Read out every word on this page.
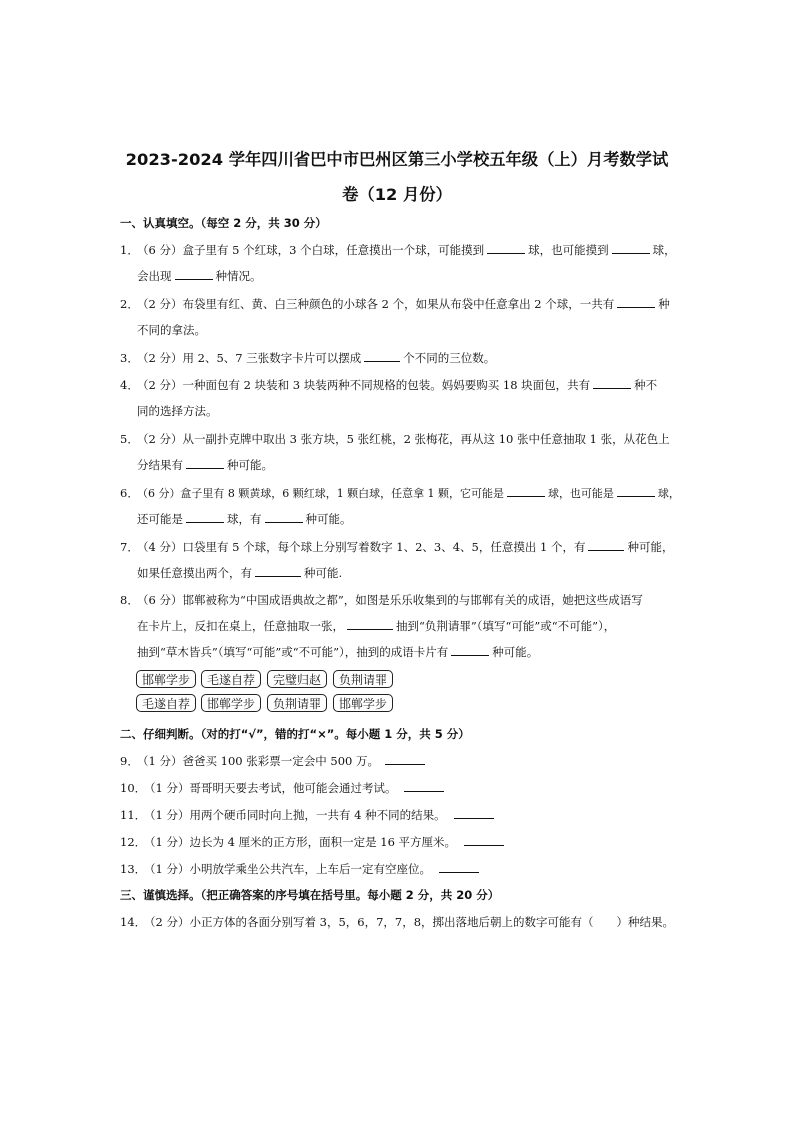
2023-2024 学年四川省巴中市巴州区第三小学校五年级（上）月考数学试
卷（12 月份）
一、认真填空。（每空 2 分，共 30 分）
1．
（6 分）盒子里有 5 个红球，3 个白球，任意摸出一个球，可能摸到	球，也可能摸到	球，
会出现	种情况。
2．
（2 分）布袋里有红、黄、白三种颜色的小球各 2 个，如果从布袋中任意拿出 2 个球，一共有	种
不同的拿法。
3．
（2 分）用 2、5、7 三张数字卡片可以摆成	个不同的三位数。
4．
（2 分）一种面包有 2 块装和 3 块装两种不同规格的包装。妈妈要购买 18 块面包，共有	种不
同的选择方法。
5．
（2 分）从一副扑克牌中取出 3 张方块，5 张红桃，2 张梅花，再从这 10 张中任意抽取 1 张，从花色上
分结果有	种可能。
6．
（6 分）盒子里有 8 颗黄球，6 颗红球，1 颗白球，任意拿 1 颗，它可能是	球，也可能是	球，
还可能是	球，有	种可能。
7．
（4 分）口袋里有 5 个球，每个球上分别写着数字 1、2、3、4、5，任意摸出 1 个，有	种可能，
如果任意摸出两个，有	种可能.
8．
（6 分）邯郸被称为“中国成语典故之都”，如图是乐乐收集到的与邯郸有关的成语，她把这些成语写
在卡片上，反扣在桌上，任意抽取一张，	抽到“负荆请罪”（填写“可能”或“不可能”），
抽到“草木皆兵”（填写“可能”或“不可能”），抽到的成语卡片有	种可能。
邯郸学步	毛遂自荐	完璧归赵	负荆请罪
毛遂自荐	邯郸学步	负荆请罪	邯郸学步
二、仔细判断。（对的打“√”，错的打“×”。每小题 1 分，共 5 分）
9．
（1 分）爸爸买 100 张彩票一定会中 500 万。
10．
（1 分）哥哥明天要去考试，他可能会通过考试。
11．
（1 分）用两个硬币同时向上抛，一共有 4 种不同的结果。
12．
（1 分）边长为 4 厘米的正方形，面积一定是 16 平方厘米。
13．
（1 分）小明放学乘坐公共汽车，上车后一定有空座位。
三、谨慎选择。（把正确答案的序号填在括号里。每小题 2 分，共 20 分）
14．
（2 分）小正方体的各面分别写着 3，5，6，7，7，8，掷出落地后朝上的数字可能有（　　）种结果。
